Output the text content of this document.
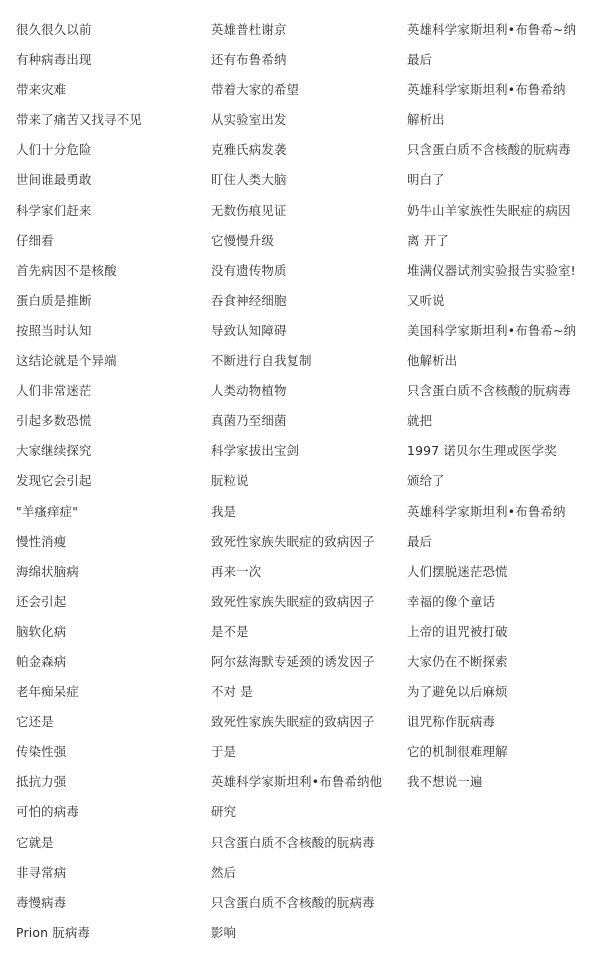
很久很久以前
有种病毒出现
带来灾难
带来了痛苦又找寻不见
人们十分危险
世间谁最勇敢
科学家们赶来
仔细看
首先病因不是核酸
蛋白质是推断
按照当时认知
这结论就是个异端
人们非常迷茫
引起多数恐慌
大家继续探究
发现它会引起
"羊瘙痒症"
慢性消瘦
海绵状脑病
还会引起
脑软化病
帕金森病
老年痴呆症
它还是
传染性强
抵抗力强
可怕的病毒
它就是
非寻常病
毒慢病毒
Prion 朊病毒
英雄普杜谢京
还有布鲁希纳
带着大家的希望
从实验室出发
克雅氏病发袭
盯住人类大脑
无数伤痕见证
它慢慢升级
没有遗传物质
吞食神经细胞
导致认知障碍
不断进行自我复制
人类动物植物
真菌乃至细菌
科学家拔出宝剑
朊粒说
我是
致死性家族失眠症的致病因子
再来一次
致死性家族失眠症的致病因子
是不是
阿尔兹海默专延颈的诱发因子
不对 是
致死性家族失眠症的致病因子
于是
英雄科学家斯坦利•布鲁希纳他
研究
只含蛋白质不含核酸的朊病毒
然后
只含蛋白质不含核酸的朊病毒
影响
英雄科学家斯坦利•布鲁希~纳
最后
英雄科学家斯坦利•布鲁希纳
解析出
只含蛋白质不含核酸的朊病毒
明白了
奶牛山羊家族性失眠症的病因
离 开了
堆满仪器试剂实验报告实验室!
又听说
美国科学家斯坦利•布鲁希~纳
他解析出
只含蛋白质不含核酸的朊病毒
就把
1997 诺贝尔生理或医学奖
颁给了
英雄科学家斯坦利•布鲁希纳
最后
人们摆脱迷茫恐慌
幸福的像个童话
上帝的诅咒被打破
大家仍在不断探索
为了避免以后麻烦
诅咒称作朊病毒
它的机制很难理解
我不想说一遍
